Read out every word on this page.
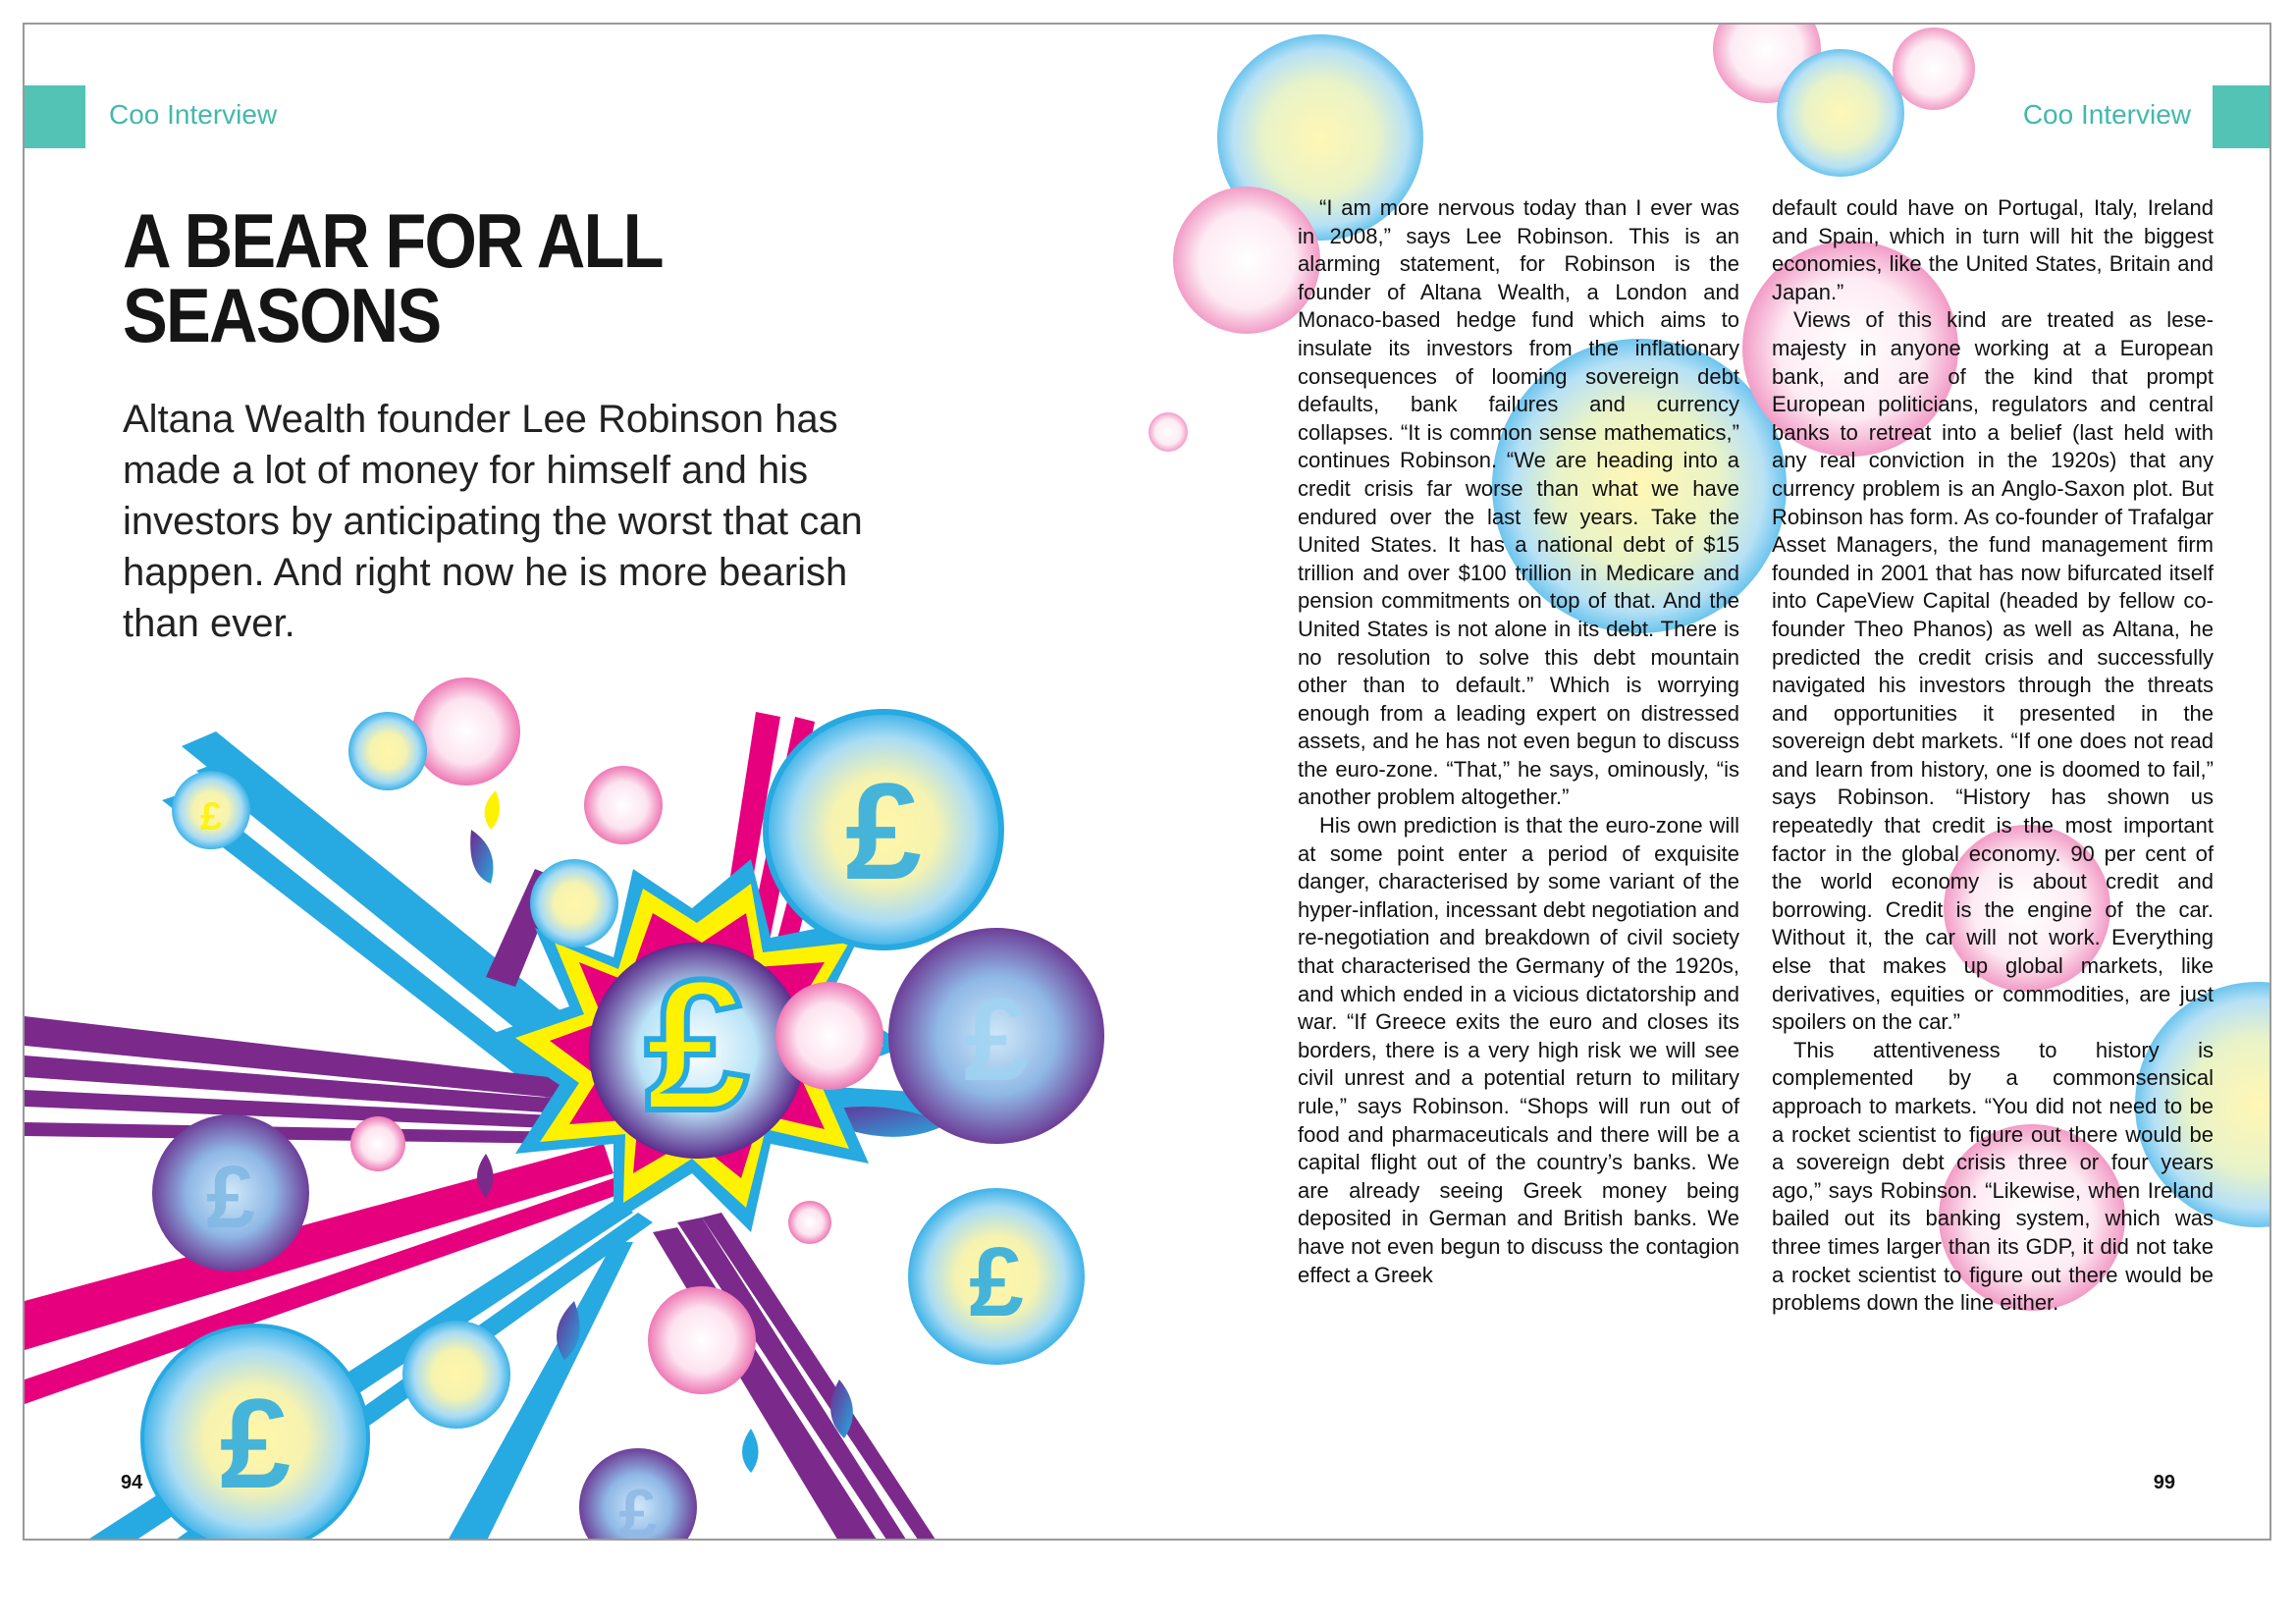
Coo Interview
£
£
£
£
£
£	£
£
A BEAR FOR ALL SEASONS

Altana Wealth founder Lee Robinson has made a lot of money for himself and his investors by anticipating the worst that can happen. And right now he is more bearish than ever.

94
Coo Interview
99

“I am more nervous today than I ever was in 2008,” says Lee Robinson. This is an alarming statement, for Robinson is the founder of Altana Wealth, a London and Monaco-based hedge fund which aims to insulate its investors from the inflationary consequences of looming sovereign debt defaults, bank failures and currency collapses. “It is common sense mathematics,” continues Robinson. “We are heading into a credit crisis far worse than what we have endured over the last few years. Take the United States. It has a national debt of $15 trillion and over $100 trillion in Medicare and pension commitments on top of that. And the United States is not alone in its debt. There is no resolution to solve this debt mountain other than to default.” Which is worrying enough from a leading expert on distressed assets, and he has not even begun to discuss the euro-zone. “That,” he says, ominously, “is another problem altogether.”

His own prediction is that the euro-zone will at some point enter a period of exquisite danger, characterised by some variant of the hyper-inflation, incessant debt negotiation and re-negotiation and breakdown of civil society that characterised the Germany of the 1920s, and which ended in a vicious dictatorship and war. “If Greece exits the euro and closes its borders, there is a very high risk we will see civil unrest and a potential return to military rule,” says Robinson. “Shops will run out of food and pharmaceuticals and there will be a capital flight out of the country’s banks. We are already seeing Greek money being deposited in German and British banks. We have not even begun to discuss the contagion effect a Greek

default could have on Portugal, Italy, Ireland and Spain, which in turn will hit the biggest economies, like the United States, Britain and Japan.”

Views of this kind are treated as lese-majesty in anyone working at a European bank, and are of the kind that prompt European politicians, regulators and central banks to retreat into a belief (last held with any real conviction in the 1920s) that any currency problem is an Anglo-Saxon plot. But Robinson has form. As co-founder of Trafalgar Asset Managers, the fund management firm founded in 2001 that has now bifurcated itself into CapeView Capital (headed by fellow co-founder Theo Phanos) as well as Altana, he predicted the credit crisis and successfully navigated his investors through the threats and opportunities it presented in the sovereign debt markets. “If one does not read and learn from history, one is doomed to fail,” says Robinson. “History has shown us repeatedly that credit is the most important factor in the global economy. 90 per cent of the world economy is about credit and borrowing. Credit is the engine of the car. Without it, the car will not work. Everything else that makes up global markets, like derivatives, equities or commodities, are just spoilers on the car.”

This attentiveness to history is complemented by a commonsensical approach to markets. “You did not need to be a rocket scientist to figure out there would be a sovereign debt crisis three or four years ago,” says Robinson. “Likewise, when Ireland bailed out its banking system, which was three times larger than its GDP, it did not take a rocket scientist to figure out there would be problems down the line either.
